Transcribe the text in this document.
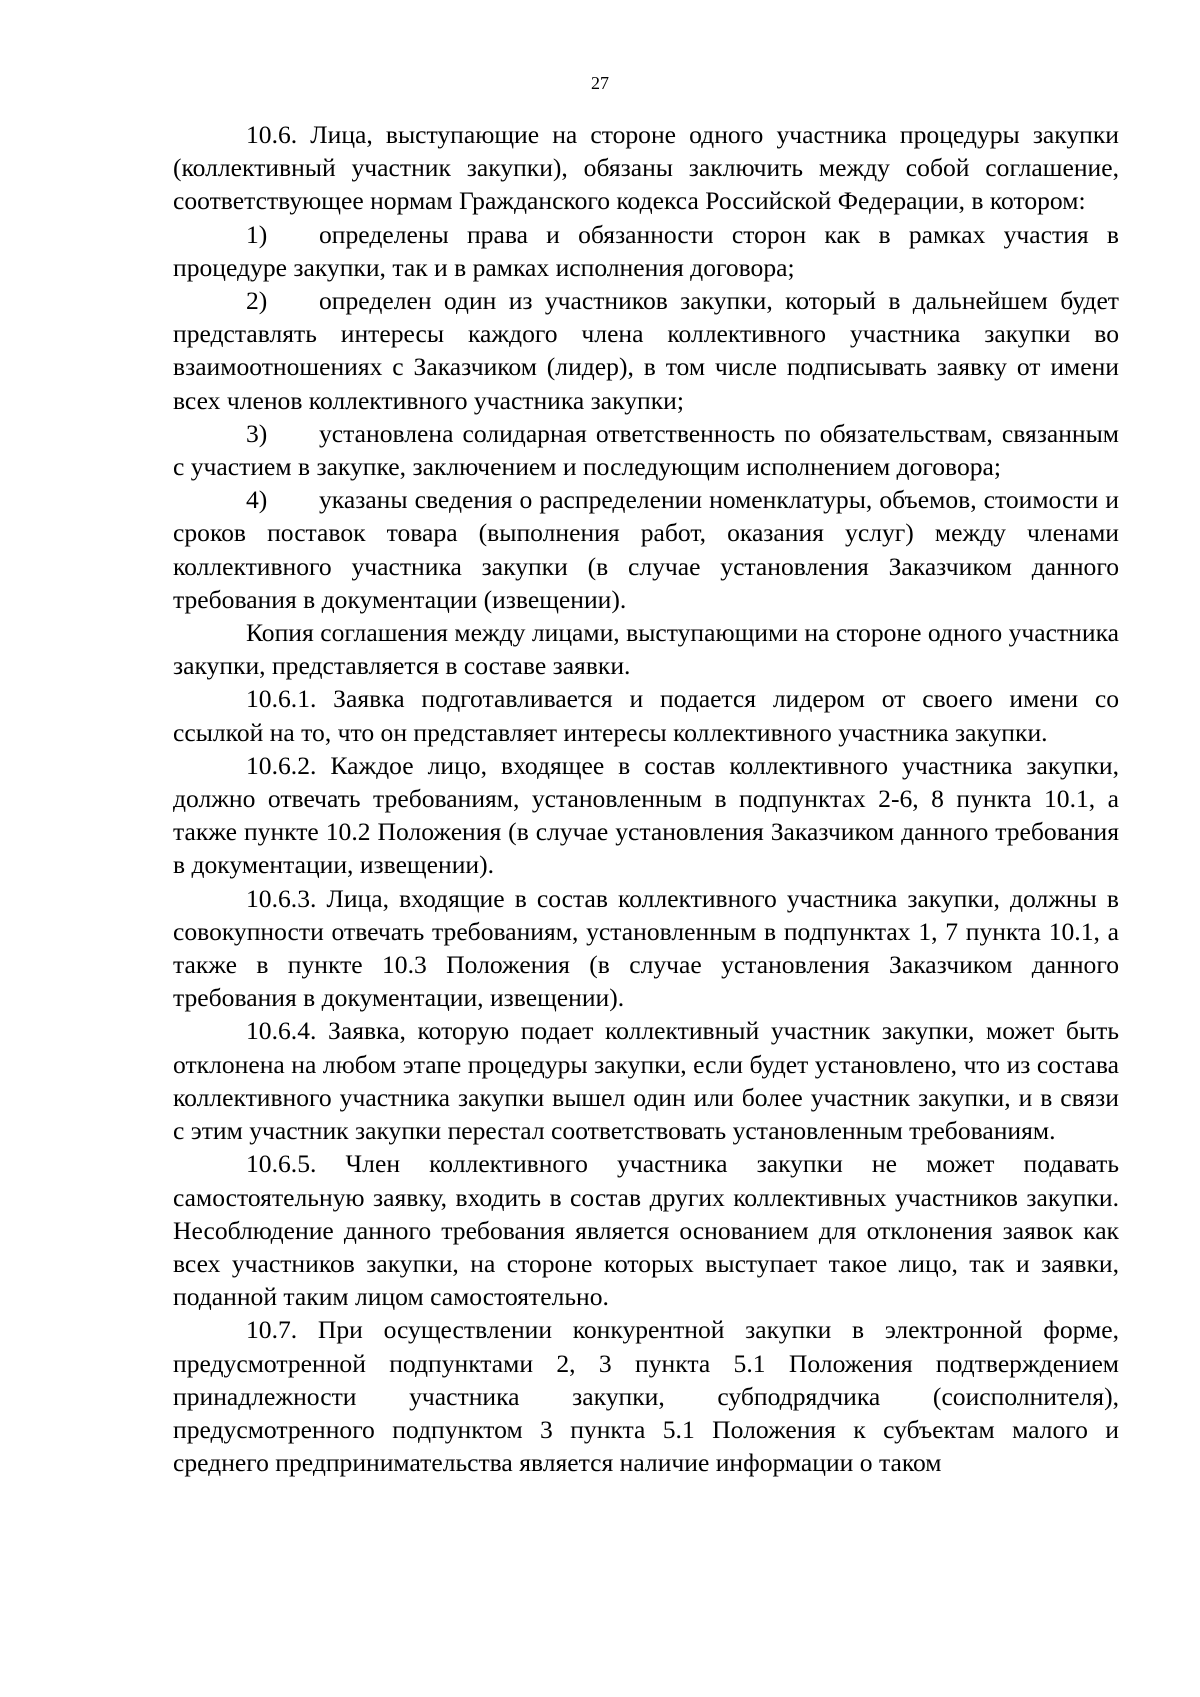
27

10.6. Лица, выступающие на стороне одного участника процедуры закупки (коллективный участник закупки), обязаны заключить между собой соглашение, соответствующее нормам Гражданского кодекса Российской Федерации, в котором:

1) определены права и обязанности сторон как в рамках участия в процедуре закупки, так и в рамках исполнения договора;

2) определен один из участников закупки, который в дальнейшем будет представлять интересы каждого члена коллективного участника закупки во взаимоотношениях с Заказчиком (лидер), в том числе подписывать заявку от имени всех членов коллективного участника закупки;

3) установлена солидарная ответственность по обязательствам, связанным с участием в закупке, заключением и последующим исполнением договора;

4) указаны сведения о распределении номенклатуры, объемов, стоимости и сроков поставок товара (выполнения работ, оказания услуг) между членами коллективного участника закупки (в случае установления Заказчиком данного требования в документации (извещении).

Копия соглашения между лицами, выступающими на стороне одного участника закупки, представляется в составе заявки.

10.6.1. Заявка подготавливается и подается лидером от своего имени со ссылкой на то, что он представляет интересы коллективного участника закупки.

10.6.2. Каждое лицо, входящее в состав коллективного участника закупки, должно отвечать требованиям, установленным в подпунктах 2-6, 8 пункта 10.1, а также пункте 10.2 Положения (в случае установления Заказчиком данного требования в документации, извещении).

10.6.3. Лица, входящие в состав коллективного участника закупки, должны в совокупности отвечать требованиям, установленным в подпунктах 1, 7 пункта 10.1, а также в пункте 10.3 Положения (в случае установления Заказчиком данного требования в документации, извещении).

10.6.4. Заявка, которую подает коллективный участник закупки, может быть отклонена на любом этапе процедуры закупки, если будет установлено, что из состава коллективного участника закупки вышел один или более участник закупки, и в связи с этим участник закупки перестал соответствовать установленным требованиям.

10.6.5. Член коллективного участника закупки не может подавать самостоятельную заявку, входить в состав других коллективных участников закупки. Несоблюдение данного требования является основанием для отклонения заявок как всех участников закупки, на стороне которых выступает такое лицо, так и заявки, поданной таким лицом самостоятельно.

10.7. При осуществлении конкурентной закупки в электронной форме, предусмотренной подпунктами 2, 3 пункта 5.1 Положения подтверждением принадлежности участника закупки, субподрядчика (соисполнителя), предусмотренного подпунктом 3 пункта 5.1 Положения к субъектам малого и среднего предпринимательства является наличие информации о таком
